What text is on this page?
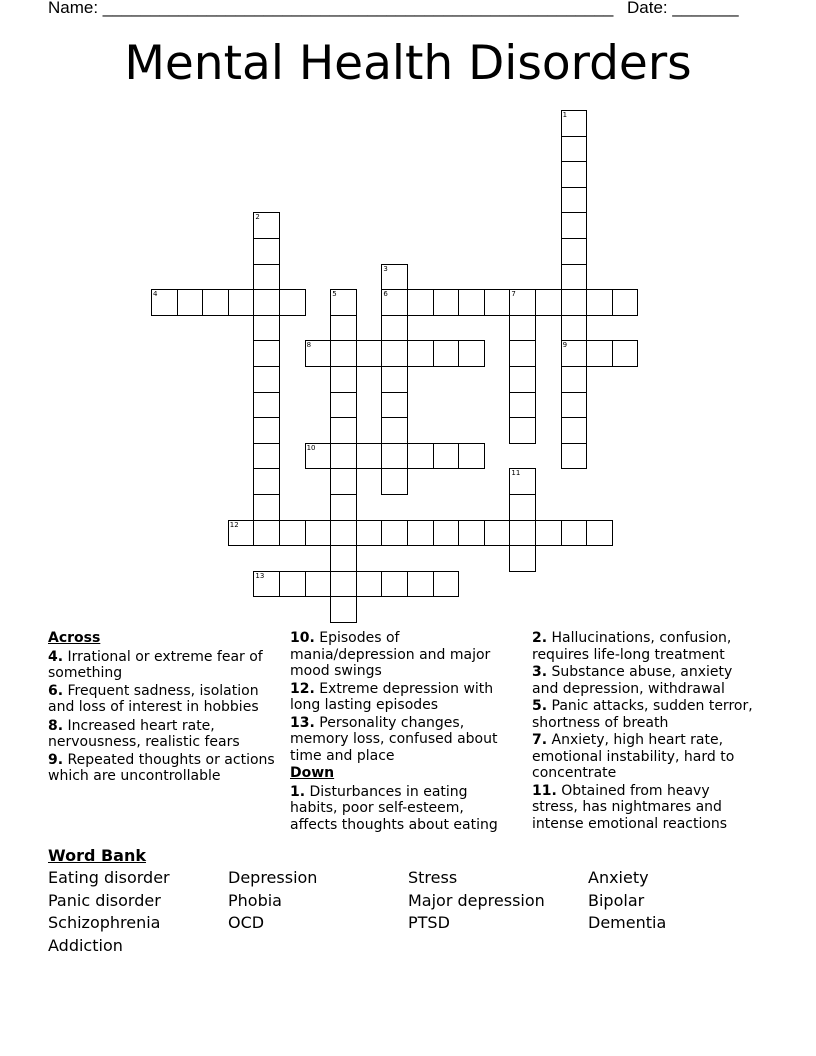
Name: ______________________________________________________

Date: _______

Mental Health Disorders
4	6	7
8	9
10
12
13
1
2
3
5
11
Across
4. Irrational or extreme fear of something
6. Frequent sadness, isolation and loss of interest in hobbies
8. Increased heart rate, nervousness, realistic fears
9. Repeated thoughts or actions which are uncontrollable
10. Episodes of mania/depression and major mood swings
12. Extreme depression with long lasting episodes
13. Personality changes, memory loss, confused about time and place
Down
1. Disturbances in eating habits, poor self-esteem, affects thoughts about eating
2. Hallucinations, confusion, requires life-long treatment
3. Substance abuse, anxiety and depression, withdrawal
5. Panic attacks, sudden terror, shortness of breath
7. Anxiety, high heart rate, emotional instability, hard to concentrate
11. Obtained from heavy stress, has nightmares and intense emotional reactions
Word Bank
Eating disorder	Depression	Stress	Anxiety
Panic disorder	Phobia	Major depression	Bipolar
Schizophrenia	OCD	PTSD	Dementia
Addiction
